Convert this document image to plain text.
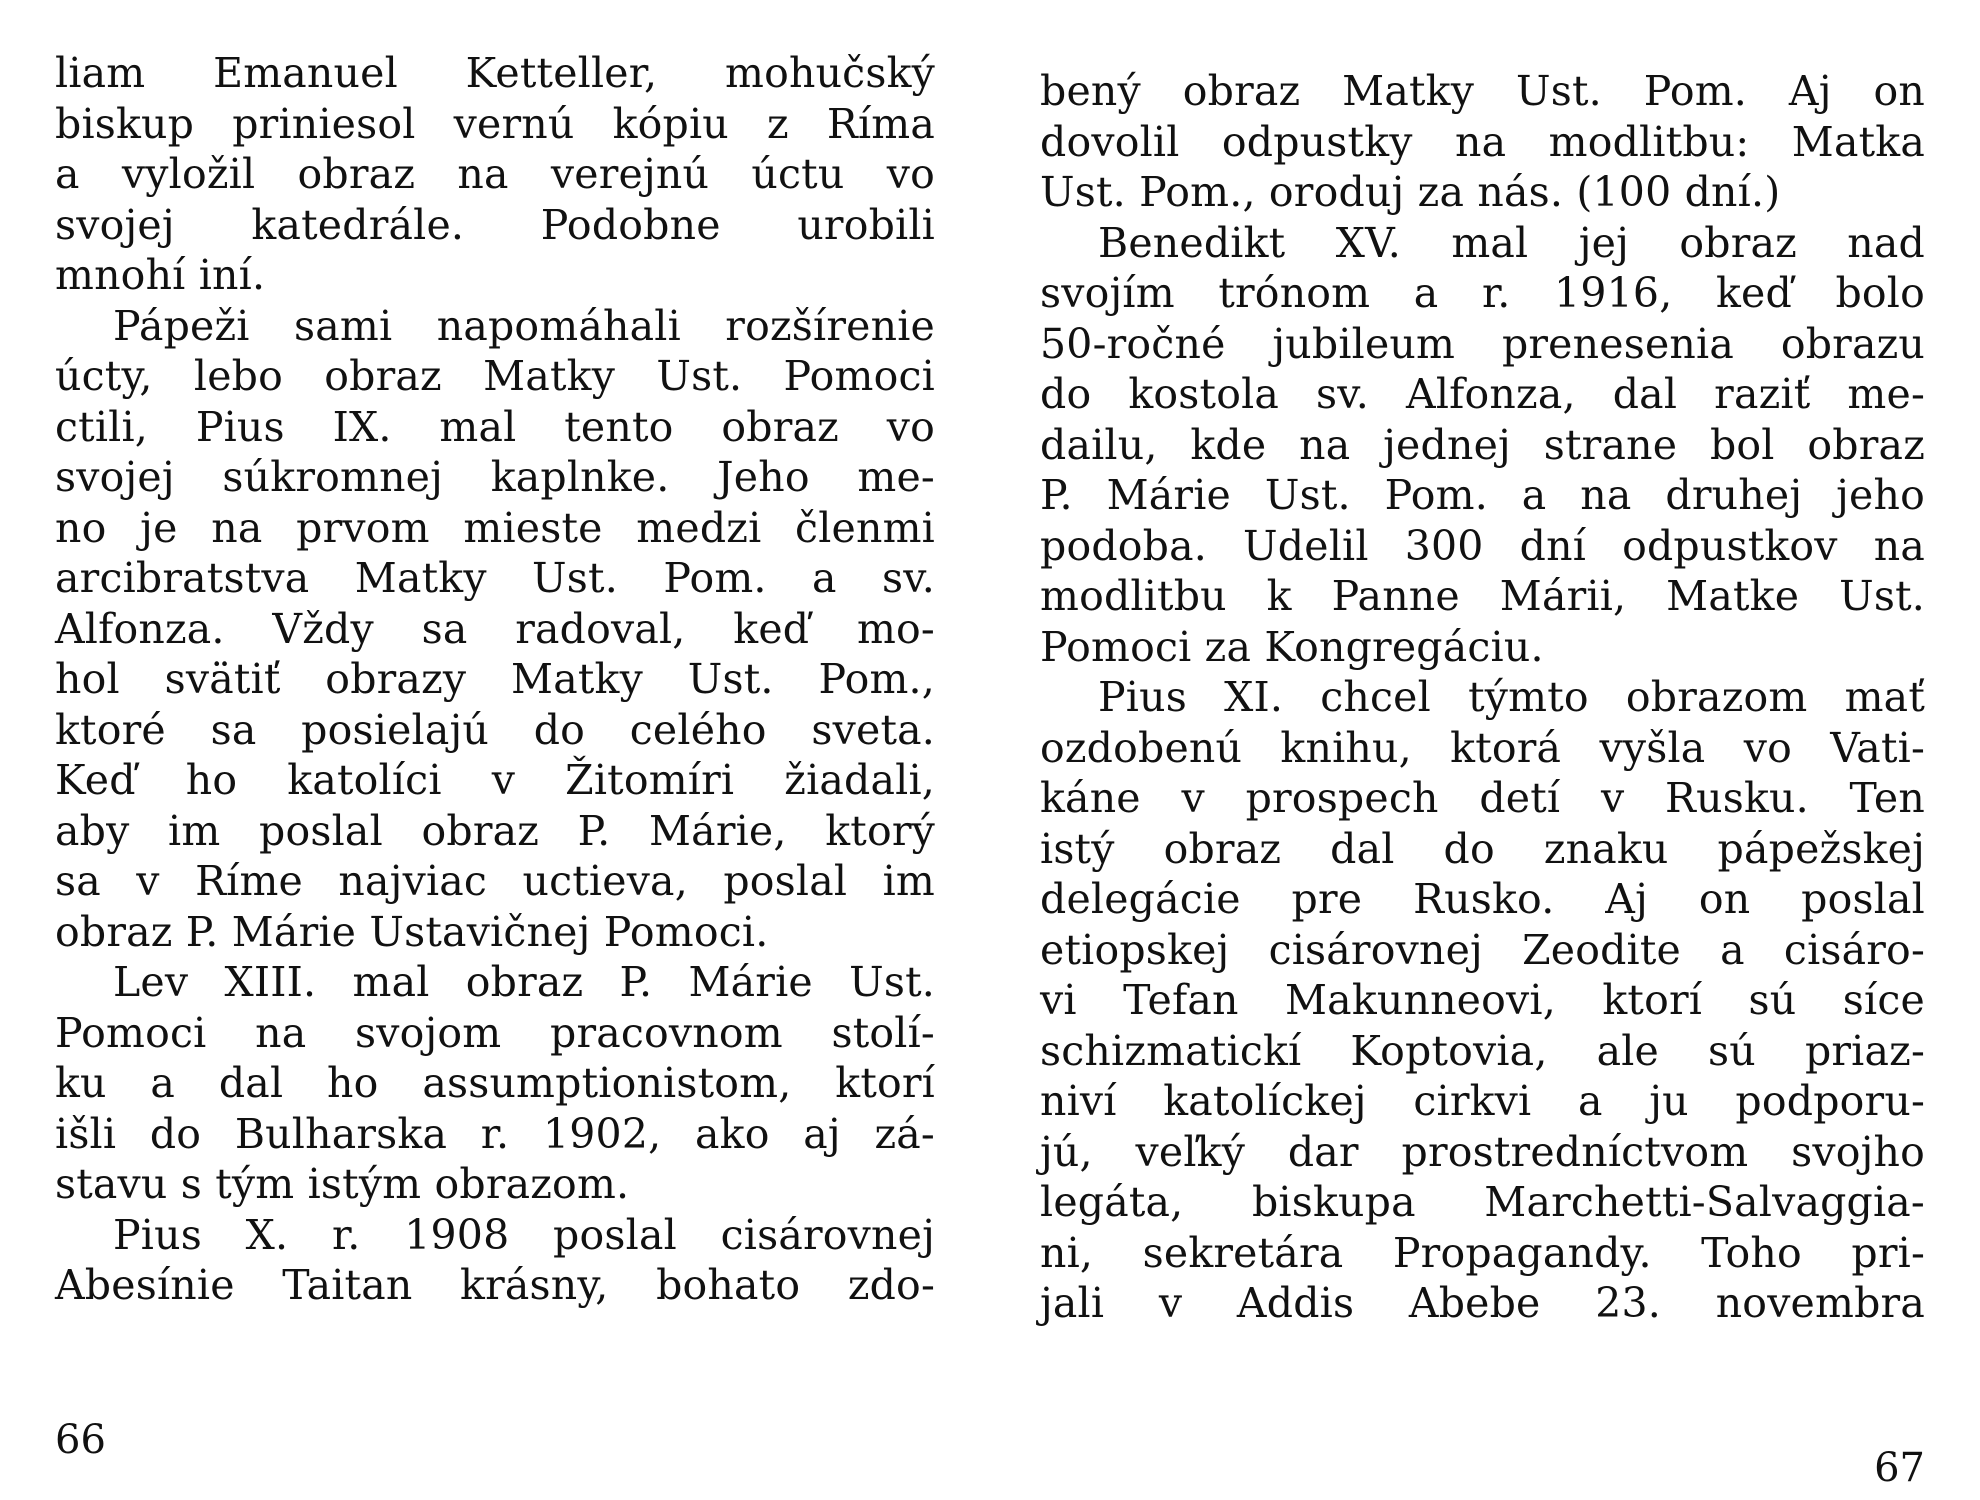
liam Emanuel Ketteller, mohučský
biskup priniesol vernú kópiu z Ríma
a vyložil obraz na verejnú úctu vo
svojej katedrále. Podobne urobili
mnohí iní.
Pápeži sami napomáhali rozšírenie
úcty, lebo obraz Matky Ust. Pomoci
ctili, Pius IX. mal tento obraz vo
svojej súkromnej kaplnke. Jeho me-
no je na prvom mieste medzi členmi
arcibratstva Matky Ust. Pom. a sv.
Alfonza. Vždy sa radoval, keď mo-
hol svätiť obrazy Matky Ust. Pom.,
ktoré sa posielajú do celého sveta.
Keď ho katolíci v Žitomíri žiadali,
aby im poslal obraz P. Márie, ktorý
sa v Ríme najviac uctieva, poslal im
obraz P. Márie Ustavičnej Pomoci.
Lev XIII. mal obraz P. Márie Ust.
Pomoci na svojom pracovnom stolí-
ku a dal ho assumptionistom, ktorí
išli do Bulharska r. 1902, ako aj zá-
stavu s tým istým obrazom.
Pius X. r. 1908 poslal cisárovnej
Abesínie Taitan krásny, bohato zdo-
66
bený obraz Matky Ust. Pom. Aj on
dovolil odpustky na modlitbu: Matka
Ust. Pom., oroduj za nás. (100 dní.)
Benedikt XV. mal jej obraz nad
svojím trónom a r. 1916, keď bolo
50-ročné jubileum prenesenia obrazu
do kostola sv. Alfonza, dal raziť me-
dailu, kde na jednej strane bol obraz
P. Márie Ust. Pom. a na druhej jeho
podoba. Udelil 300 dní odpustkov na
modlitbu k Panne Márii, Matke Ust.
Pomoci za Kongregáciu.
Pius XI. chcel týmto obrazom mať
ozdobenú knihu, ktorá vyšla vo Vati-
káne v prospech detí v Rusku. Ten
istý obraz dal do znaku pápežskej
delegácie pre Rusko. Aj on poslal
etiopskej cisárovnej Zeodite a cisáro-
vi Tefan Makunneovi, ktorí sú síce
schizmatickí Koptovia, ale sú priaz-
niví katolíckej cirkvi a ju podporu-
jú, veľký dar prostredníctvom svojho
legáta, biskupa Marchetti-Salvaggia-
ni, sekretára Propagandy. Toho pri-
jali v Addis Abebe 23. novembra
67
